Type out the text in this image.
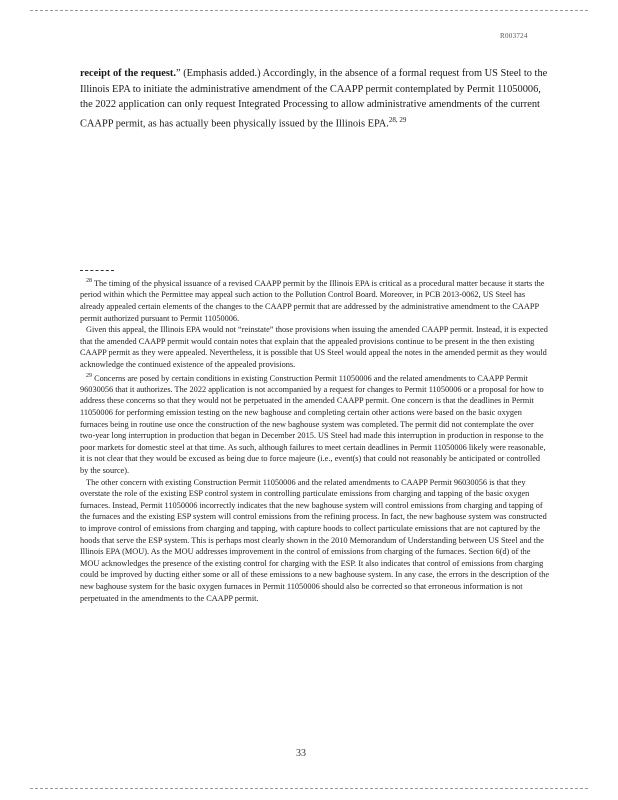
R003724
receipt of the request.” (Emphasis added.) Accordingly, in the absence of a formal request from US Steel to the Illinois EPA to initiate the administrative amendment of the CAAPP permit contemplated by Permit 11050006, the 2022 application can only request Integrated Processing to allow administrative amendments of the current CAAPP permit, as has actually been physically issued by the Illinois EPA.$^{28, 29}$

$^{28}$ The timing of the physical issuance of a revised CAAPP permit by the Illinois EPA is critical as a procedural matter because it starts the period within which the Permittee may appeal such action to the Pollution Control Board. Moreover, in PCB 2013-0062, US Steel has already appealed certain elements of the changes to the CAAPP permit that are addressed by the administrative amendment to the CAAPP permit authorized pursuant to Permit 11050006.

Given this appeal, the Illinois EPA would not “reinstate” those provisions when issuing the amended CAAPP permit. Instead, it is expected that the amended CAAPP permit would contain notes that explain that the appealed provisions continue to be present in the then existing CAAPP permit as they were appealed. Nevertheless, it is possible that US Steel would appeal the notes in the amended permit as they would acknowledge the continued existence of the appealed provisions.

$^{29}$ Concerns are posed by certain conditions in existing Construction Permit 11050006 and the related amendments to CAAPP Permit 96030056 that it authorizes. The 2022 application is not accompanied by a request for changes to Permit 11050006 or a proposal for how to address these concerns so that they would not be perpetuated in the amended CAAPP permit. One concern is that the deadlines in Permit 11050006 for performing emission testing on the new baghouse and completing certain other actions were based on the basic oxygen furnaces being in routine use once the construction of the new baghouse system was completed. The permit did not contemplate the over two-year long interruption in production that began in December 2015. US Steel had made this interruption in production in response to the poor markets for domestic steel at that time. As such, although failures to meet certain deadlines in Permit 11050006 likely were reasonable, it is not clear that they would be excused as being due to force majeure (i.e., event(s) that could not reasonably be anticipated or controlled by the source).

The other concern with existing Construction Permit 11050006 and the related amendments to CAAPP Permit 96030056 is that they overstate the role of the existing ESP control system in controlling particulate emissions from charging and tapping of the basic oxygen furnaces. Instead, Permit 11050006 incorrectly indicates that the new baghouse system will control emissions from charging and tapping of the furnaces and the existing ESP system will control emissions from the refining process. In fact, the new baghouse system was constructed to improve control of emissions from charging and tapping, with capture hoods to collect particulate emissions that are not captured by the hoods that serve the ESP system. This is perhaps most clearly shown in the 2010 Memorandum of Understanding between US Steel and the Illinois EPA (MOU). As the MOU addresses improvement in the control of emissions from charging of the furnaces. Section 6(d) of the MOU acknowledges the presence of the existing control for charging with the ESP. It also indicates that control of emissions from charging could be improved by ducting either some or all of these emissions to a new baghouse system. In any case, the errors in the description of the new baghouse system for the basic oxygen furnaces in Permit 11050006 should also be corrected so that erroneous information is not perpetuated in the amendments to the CAAPP permit.

33
